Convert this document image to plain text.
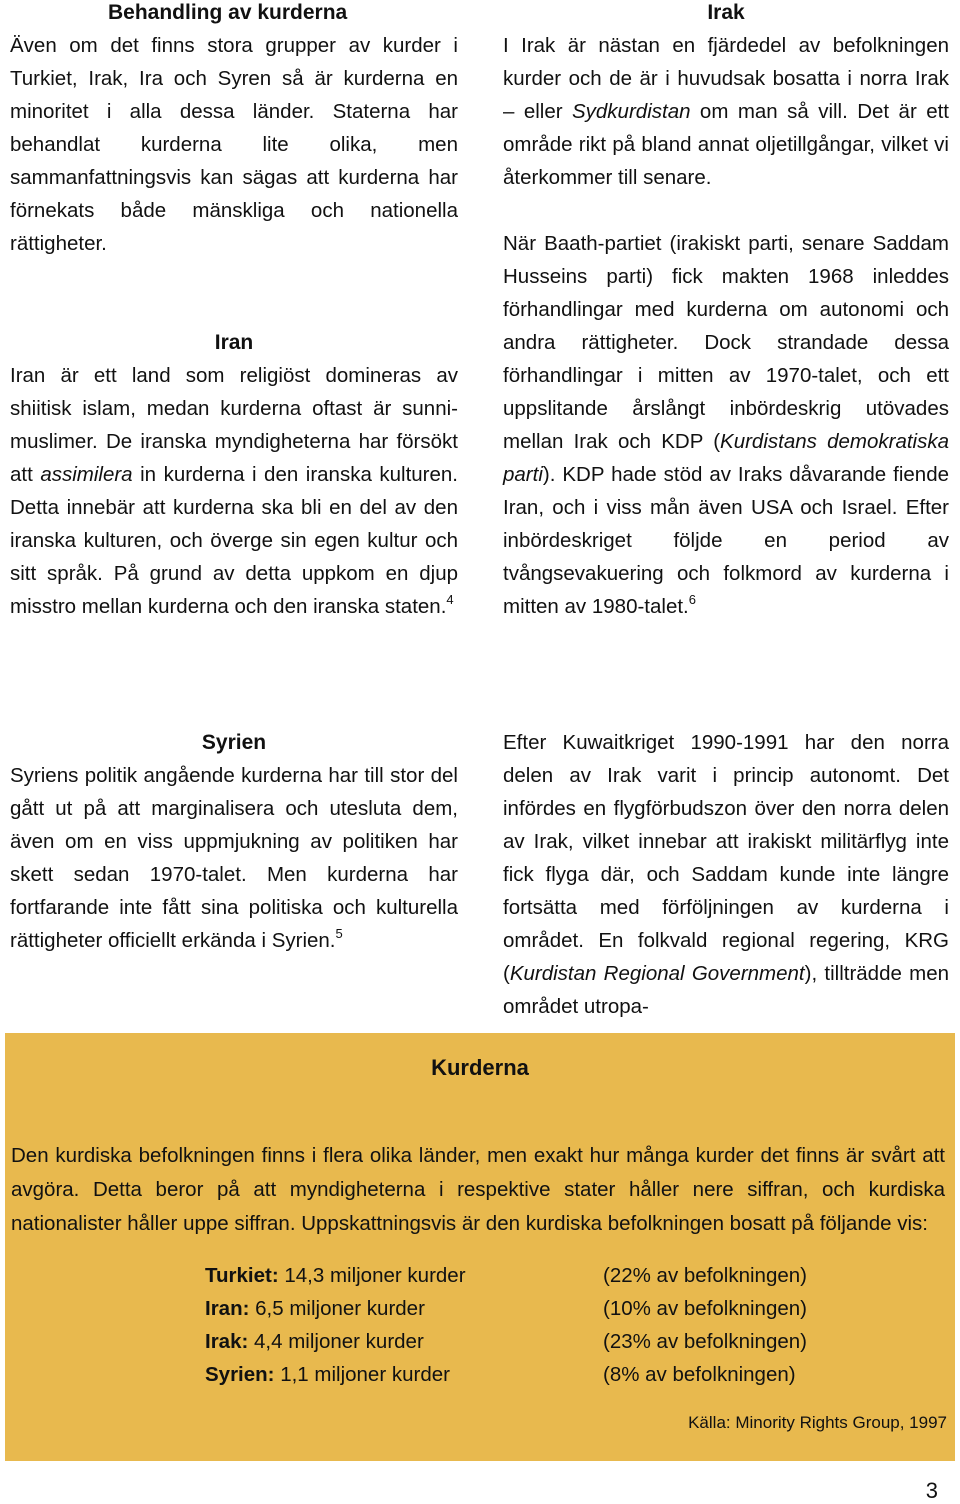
Behandling av kurderna

Även om det finns stora grupper av kurder i Turkiet, Irak, Ira och Syren så är kurderna en minoritet i alla dessa länder. Staterna har behandlat kurderna lite olika, men sammanfattningsvis kan sägas att kurderna har förnekats både mänskliga och nationella rättigheter.

Iran

Iran är ett land som religiöst domineras av shiitisk islam, medan kurderna oftast är sunni-muslimer. De iranska myndigheterna har försökt att assimilera in kurderna i den iranska kulturen. Detta innebär att kurderna ska bli en del av den iranska kulturen, och överge sin egen kultur och sitt språk. På grund av detta uppkom en djup misstro mellan kurderna och den iranska staten.$^4$

Syrien

Syriens politik angående kurderna har till stor del gått ut på att marginalisera och utesluta dem, även om en viss uppmjukning av politiken har skett sedan 1970-talet. Men kurderna har fortfarande inte fått sina politiska och kulturella rättigheter officiellt erkända i Syrien.$^5$

Irak

I Irak är nästan en fjärdedel av befolkningen kurder och de är i huvudsak bosatta i norra Irak – eller Sydkurdistan om man så vill. Det är ett område rikt på bland annat oljetillgångar, vilket vi återkommer till senare.

När Baath-partiet (irakiskt parti, senare Saddam Husseins parti) fick makten 1968 inleddes förhandlingar med kurderna om autonomi och andra rättigheter. Dock strandade dessa förhandlingar i mitten av 1970-talet, och ett uppslitande årslångt inbördeskrig utövades mellan Irak och KDP (Kurdistans demokratiska parti). KDP hade stöd av Iraks dåvarande fiende Iran, och i viss mån även USA och Israel. Efter inbördeskriget följde en period av tvångsevakuering och folkmord av kurderna i mitten av 1980-talet.$^6$

Efter Kuwaitkriget 1990-1991 har den norra delen av Irak varit i princip autonomt. Det infördes en flygförbudszon över den norra delen av Irak, vilket innebar att irakiskt militärflyg inte fick flyga där, och Saddam kunde inte längre fortsätta med förföljningen av kurderna i området. En folkvald regional regering, KRG (Kurdistan Regional Government), tillträdde men området utropa-

Kurderna
Den kurdiska befolkningen finns i flera olika länder, men exakt hur många kurder det finns är svårt att avgöra. Detta beror på att myndigheterna i respektive stater håller nere siffran, och kurdiska nationalister håller uppe siffran. Uppskattningsvis är den kurdiska befolkningen bosatt på följande vis:
Turkiet: 14,3 miljoner kurder	(22% av befolkningen)
Iran: 6,5 miljoner kurder	(10% av befolkningen)
Irak: 4,4 miljoner kurder	(23% av befolkningen)
Syrien: 1,1 miljoner kurder	(8% av befolkningen)
Källa: Minority Rights Group, 1997
3
